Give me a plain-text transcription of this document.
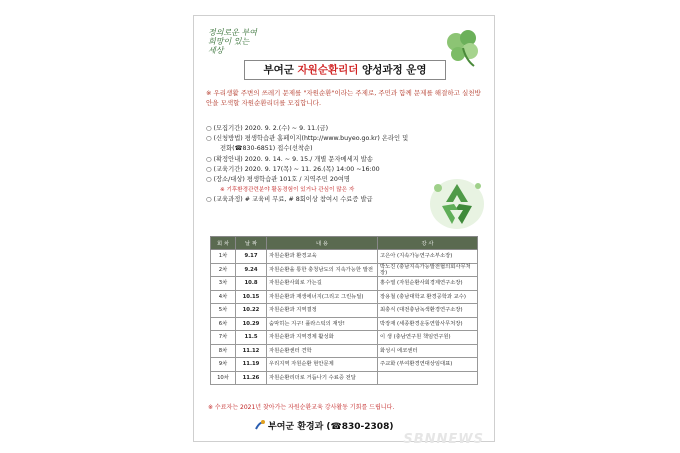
정의로운 부여
희망이 있는
세상
부여군 자원순환리더 양성과정 운영
※ 우리생활 주변의 쓰레기 문제를 "자원순환"이라는 주제로, 주민과 함께 문제를 해결하고 실천방안을 모색할 자원순환리더를 모집합니다.
○ (모집기간) 2020. 9. 2.(수) ~ 9. 11.(금)
○ (신청방법) 평생학습관 홈페이지(http://www.buyeo.go.kr) 온라인 및
전화(☎830-6851) 접수(선착순)
○ (확정안내) 2020. 9. 14. ~ 9. 15./ 개별 문자메세지 발송
○ (교육기간) 2020. 9. 17(목) ~ 11. 26.(목) 14:00 ~16:00
○ (장소/대상) 평생학습관 101호 / 지역주민 20여명
※ 기후환경관련분야 활동경험이 있거나 관심이 많은 자
○ (교육과정) # 교육비 무료, # 8회이상 참여시 수료증 발급
회 차	날 짜	내 용	강 사
1차	9.17	자원순환과 환경교육	고은아 (지속가능연구소부소장)
2차	9.24	자원순환을 통한 충청남도의 지속가능한 발전	박노진 (충남지속가능발전협의회사무처장)
3차	10.8	자원순환사회로 가는길	홍수열 (자원순환사회경제연구소장)
4차	10.15	자원순환과 재생에너지(그리고 그린뉴딜)	장용철 (충남대학교 환경공학과 교수)
5차	10.22	자원순환과 지역결정	최충식 (대전충남녹색환경연구소장)
6차	10.29	숨막히는 지구! 플라스틱의 재앙!	박장재 (세종환경운동연합사무처장)
7차	11.5	자원순환과 지역경제 활성화	이 생 (충남연구원 책임연구원)
8차	11.12	자원순환센터 견학	화성시 에코센터
9차	11.19	우리지역 자원순환 현안문제	주교화 (부여환경연대상임대표)
10차	11.26	자원순환리더로 거듭나기 수료증 전달	
※ 수료자는 2021년 찾아가는 자원순환교육 강사활동 기회를 드립니다.
부여군 환경과 (☎830-2308)
SBNNEWS
